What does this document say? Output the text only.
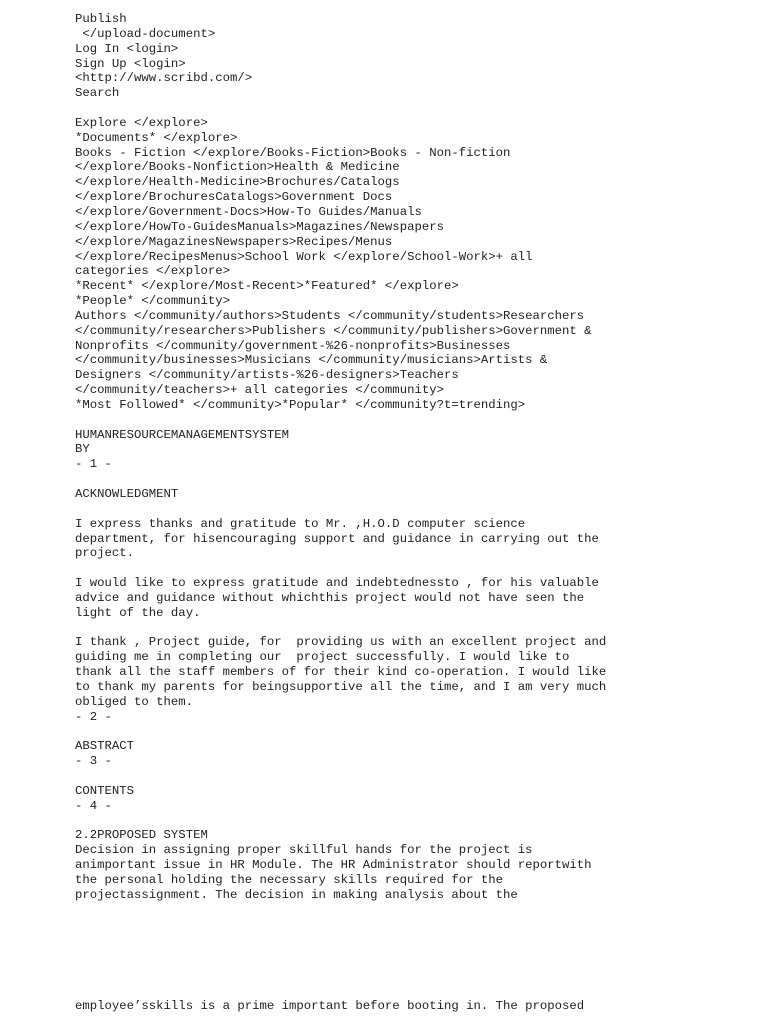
Publish
</upload-document>
Log In <login>
Sign Up <login>
<http://www.scribd.com/>
Search
Explore </explore>
*Documents* </explore>
Books - Fiction </explore/Books-Fiction>Books - Non-fiction
</explore/Books-Nonfiction>Health & Medicine
</explore/Health-Medicine>Brochures/Catalogs
</explore/BrochuresCatalogs>Government Docs
</explore/Government-Docs>How-To Guides/Manuals
</explore/HowTo-GuidesManuals>Magazines/Newspapers
</explore/MagazinesNewspapers>Recipes/Menus
</explore/RecipesMenus>School Work </explore/School-Work>+ all
categories </explore>
*Recent* </explore/Most-Recent>*Featured* </explore>
*People* </community>
Authors </community/authors>Students </community/students>Researchers
</community/researchers>Publishers </community/publishers>Government &
Nonprofits </community/government-%26-nonprofits>Businesses
</community/businesses>Musicians </community/musicians>Artists &
Designers </community/artists-%26-designers>Teachers
</community/teachers>+ all categories </community>
*Most Followed* </community>*Popular* </community?t=trending>
HUMANRESOURCEMANAGEMENTSYSTEM
BY
- 1 -
ACKNOWLEDGMENT
I express thanks and gratitude to Mr. ,H.O.D computer science
department, for hisencouraging support and guidance in carrying out the
project.
I would like to express gratitude and indebtednessto , for his valuable
advice and guidance without whichthis project would not have seen the
light of the day.
I thank , Project guide, for  providing us with an excellent project and
guiding me in completing our  project successfully. I would like to
thank all the staff members of for their kind co-operation. I would like
to thank my parents for beingsupportive all the time, and I am very much
obliged to them.
- 2 -
ABSTRACT
- 3 -
CONTENTS
- 4 -
2.2PROPOSED SYSTEM
Decision in assigning proper skillful hands for the project is
animportant issue in HR Module. The HR Administrator should reportwith
the personal holding the necessary skills required for the
projectassignment. The decision in making analysis about the
employee’sskills is a prime important before booting in. The proposed
